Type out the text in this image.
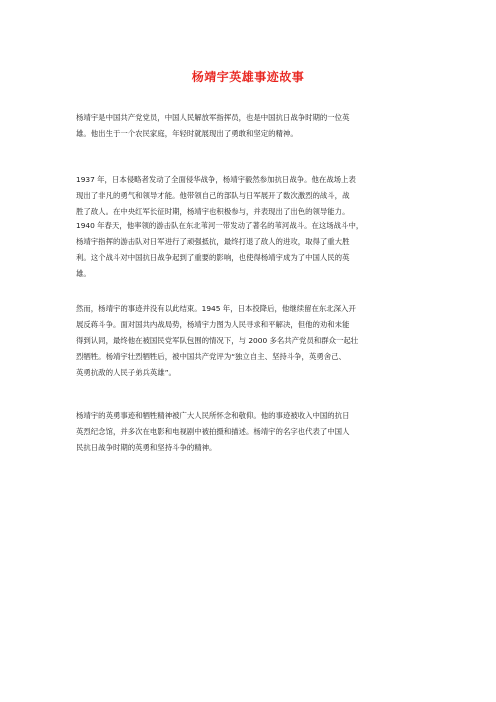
杨靖宇英雄事迹故事
杨靖宇是中国共产党党员，中国人民解放军指挥员，也是中国抗日战争时期的一位英
雄。他出生于一个农民家庭，年轻时就展现出了勇敢和坚定的精神。
1937 年，日本侵略者发动了全面侵华战争，杨靖宇毅然参加抗日战争。他在战场上表
现出了非凡的勇气和领导才能。他带领自己的部队与日军展开了数次激烈的战斗，战
胜了敌人。在中央红军长征时期，杨靖宇也积极参与，并表现出了出色的领导能力。
1940 年春天，他率领的游击队在东北苇河一带发动了著名的苇河战斗。在这场战斗中，
杨靖宇指挥的游击队对日军进行了顽强抵抗，最终打退了敌人的进攻，取得了重大胜
利。这个战斗对中国抗日战争起到了重要的影响，也使得杨靖宇成为了中国人民的英
雄。
然而，杨靖宇的事迹并没有以此结束。1945 年，日本投降后，他继续留在东北深入开
展反蒋斗争。面对国共内战局势，杨靖宇力图为人民寻求和平解决，但他的劝和未能
得到认同，最终他在被国民党军队包围的情况下，与 2000 多名共产党员和群众一起壮
烈牺牲。杨靖宇壮烈牺牲后，被中国共产党评为“独立自主、坚持斗争，英勇舍己、
英勇抗敌的人民子弟兵英雄”。
杨靖宇的英勇事迹和牺牲精神被广大人民所怀念和敬仰。他的事迹被收入中国的抗日
英烈纪念馆，并多次在电影和电视剧中被拍摄和描述。杨靖宇的名字也代表了中国人
民抗日战争时期的英勇和坚持斗争的精神。
